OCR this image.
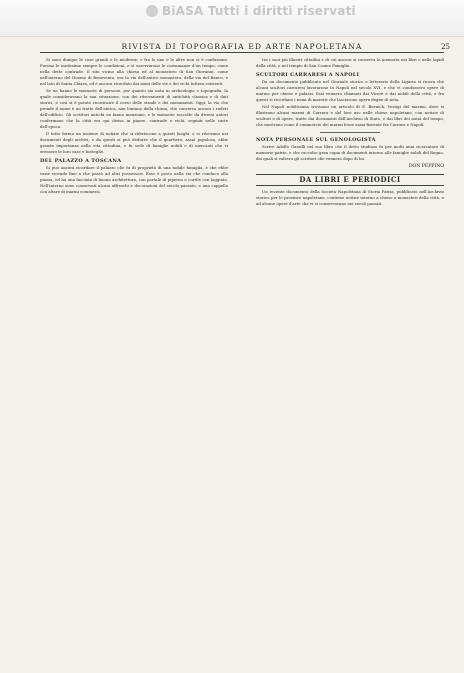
BiASA Tutti i diritti riservati
RIVISTA DI TOPOGRAFIA ED ARTE NAPOLETANA	25

Si sono dunque le cose grandi e le moderne; e fra le une e le altre non vi è confusione. Furono le medesime sempre le condizioni, e si osservarono le costumanze d'un tempo, come nella dette contrade. Il sito vicino alla chiesa ed al monastero di San Giovanni, come nell'interno del Duomo di Benevento, era la via dell'antico monastero, della via del Banco, e nel lato di Santa Chiara, ed è ancora ricordato dai nomi delle vie e dei vichi tuttora esistenti.

Se ne hanno le memorie di persone, per quanto sia nota in archeologia e topografia, la quale consideravano la sua situazione, con dei ritrovamenti di antichità classica e di dati storici, e così si è potuto ricostruire il corso delle strade e dei monumenti. Oggi, la via che prende il nome è un tratto dell'antica, non lontano dalla chiesa, che conserva ancora i ruderi dell'edificio. Gli scrittori antichi ne fanno menzione, e le memorie raccolte da diversi autori confermano che la città era qui divisa in piazze, contrade e vichi, segnati nelle carte dell'epoca.

Il tutto forma un insieme di notizie che si riferiscono a questi luoghi, e si ritrovano nei documenti degli archivi; e da questi si può dedurre che il quartiere, assai popoloso, ebbe grande importanza nella vita cittadina, e fu sede di famiglie nobili e di mercanti che vi eressero le loro case e botteghe.

DEL PALAZZO A TOSCANA

Si può ancora ricordare il palazzo che fu di proprietà di una nobile famiglia, e che ebbe varie vicende fino a che passò ad altri possessori. Esso è posto nella via che conduce alla piazza, ed ha una facciata di buona architettura, con portale di piperno e cortile con loggiato. Nell'interno sono conservati alcuni affreschi e decorazioni del secolo passato, e una cappella con altare di marmi commessi.

tra i suoi più illustri cittadini e di cui ancora si conserva la memoria nei libri e nelle lapidi della città, e nel tempio di San Cosmo Famiglia.

SCULTORI CARRARESI A NAPOLI

Da un documento pubblicato nel Giornale storico e letterario della Liguria si ricava che alcuni scultori carraresi lavorarono in Napoli nel secolo XVI, e che vi condussero opere di marmo per chiese e palazzi. Essi vennero chiamati dai Vicerè e dai nobili della città, e fra questi si ricordano i nomi di maestri che lasciarono opere degne di nota.

Nel Napoli nobilissima troviamo un articolo di E. Bernich, Vestigi del marmo, dove si illustrano alcuni marmi di Carrara e del loro uso nelle chiese napoletane, con notizie di scultori e di opere, tratte dai documenti dell'Archivio di Stato, e dai libri dei notai del tempo, che mostrano come il commercio dei marmi fosse assai fiorente fra Carrara e Napoli.

NOTA PERSONALE SUL GENOLOGISTA

Scrive Adolfo Garzilli nel suo libro che il dotto studioso fu per molti anni ricercatore di memorie patrie, e che raccolse gran copia di documenti intorno alle famiglie nobili del Regno, dei quali si valsero gli scrittori che vennero dopo di lui.

DON PEPPINO

DA LIBRI E PERIODICI

Un recente documento della Società Napoletana di Storia Patria, pubblicato nell'Archivio storico per le province napoletane, contiene notizie intorno a chiese e monasteri della città, e ad alcune opere d'arte che vi si conservavano nei secoli passati.
